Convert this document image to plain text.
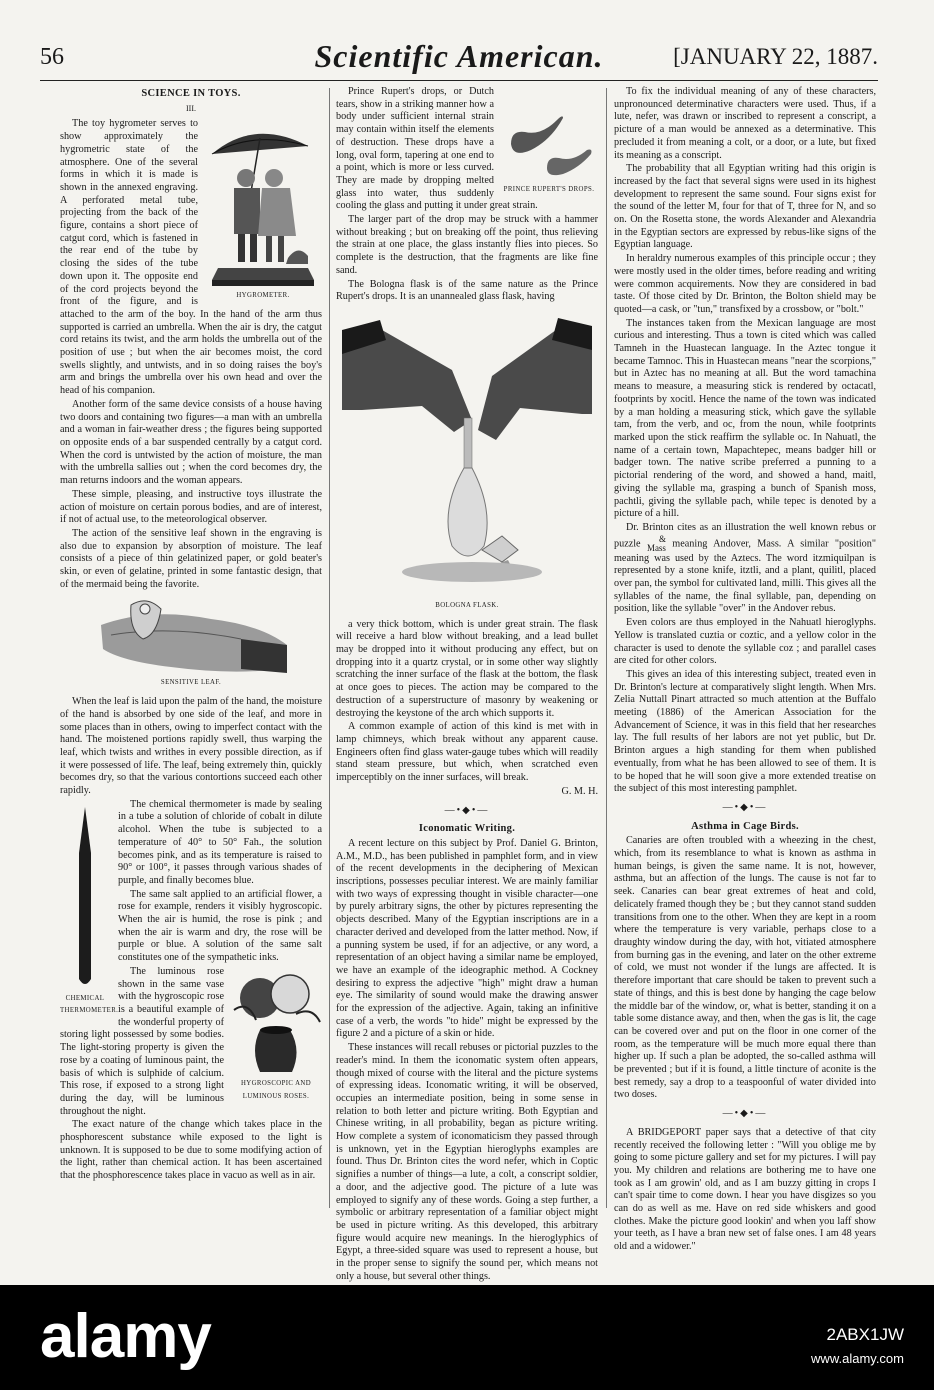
56	Scientific American.	[JANUARY 22, 1887.
SCIENCE IN TOYS.
III.
HYGROMETER.

The toy hygrometer serves to show approximately the hygrometric state of the atmosphere. One of the several forms in which it is made is shown in the annexed engraving. A perforated metal tube, projecting from the back of the figure, contains a short piece of catgut cord, which is fastened in the rear end of the tube by closing the sides of the tube down upon it. The opposite end of the cord projects beyond the front of the figure, and is attached to the arm of the boy. In the hand of the arm thus supported is carried an umbrella. When the air is dry, the catgut cord retains its twist, and the arm holds the umbrella out of the position of use ; but when the air becomes moist, the cord swells slightly, and untwists, and in so doing raises the boy's arm and brings the umbrella over his own head and over the head of his companion.

Another form of the same device consists of a house having two doors and containing two figures—a man with an umbrella and a woman in fair-weather dress ; the figures being supported on opposite ends of a bar suspended centrally by a catgut cord. When the cord is untwisted by the action of moisture, the man with the umbrella sallies out ; when the cord becomes dry, the man returns indoors and the woman appears.

These simple, pleasing, and instructive toys illustrate the action of moisture on certain porous bodies, and are of interest, if not of actual use, to the meteorological observer.

The action of the sensitive leaf shown in the engraving is also due to expansion by absorption of moisture. The leaf consists of a piece of thin gelatinized paper, or gold beater's skin, or even of gelatine, printed in some fantastic design, that of the mermaid being the favorite.

SENSITIVE LEAF.

When the leaf is laid upon the palm of the hand, the moisture of the hand is absorbed by one side of the leaf, and more in some places than in others, owing to imperfect contact with the hand. The moistened portions rapidly swell, thus warping the leaf, which twists and writhes in every possible direction, as if it were possessed of life. The leaf, being extremely thin, quickly becomes dry, so that the various contortions succeed each other rapidly.

CHEMICAL THERMOMETER.

The chemical thermometer is made by sealing in a tube a solution of chloride of cobalt in dilute alcohol. When the tube is subjected to a temperature of 40° to 50° Fah., the solution becomes pink, and as its temperature is raised to 90° or 100°, it passes through various shades of purple, and finally becomes blue.

The same salt applied to an artificial flower, a rose for example, renders it visibly hygroscopic. When the air is humid, the rose is pink ; and when the air is warm and dry, the rose will be purple or blue. A solution of the same salt constitutes one of the sympathetic inks.

HYGROSCOPIC AND LUMINOUS ROSES.

The luminous rose shown in the same vase with the hygroscopic rose is a beautiful example of the wonderful property of storing light possessed by some bodies. The light-storing property is given the rose by a coating of luminous paint, the basis of which is sulphide of calcium. This rose, if exposed to a strong light during the day, will be luminous throughout the night.

The exact nature of the change which takes place in the phosphorescent substance while exposed to the light is unknown. It is supposed to be due to some modifying action of the light, rather than chemical action. It has been ascertained that the phosphorescence takes place in vacuo as well as in air.

PRINCE RUPERT'S DROPS.

Prince Rupert's drops, or Dutch tears, show in a striking manner how a body under sufficient internal strain may contain within itself the elements of destruction. These drops have a long, oval form, tapering at one end to a point, which is more or less curved. They are made by dropping melted glass into water, thus suddenly cooling the glass and putting it under great strain.

The larger part of the drop may be struck with a hammer without breaking ; but on breaking off the point, thus relieving the strain at one place, the glass instantly flies into pieces. So complete is the destruction, that the fragments are like fine sand.

The Bologna flask is of the same nature as the Prince Rupert's drops. It is an unannealed glass flask, having

BOLOGNA FLASK.

a very thick bottom, which is under great strain. The flask will receive a hard blow without breaking, and a lead bullet may be dropped into it without producing any effect, but on dropping into it a quartz crystal, or in some other way slightly scratching the inner surface of the flask at the bottom, the flask at once goes to pieces. The action may be compared to the destruction of a superstructure of masonry by weakening or destroying the keystone of the arch which supports it.

A common example of action of this kind is met with in lamp chimneys, which break without any apparent cause. Engineers often find glass water-gauge tubes which will readily stand steam pressure, but which, when scratched even imperceptibly on the inner surfaces, will break.

G. M. H.
—•◆•—
Iconomatic Writing.

A recent lecture on this subject by Prof. Daniel G. Brinton, A.M., M.D., has been published in pamphlet form, and in view of the recent developments in the deciphering of Mexican inscriptions, possesses peculiar interest. We are mainly familiar with two ways of expressing thought in visible character—one by purely arbitrary signs, the other by pictures representing the objects described. Many of the Egyptian inscriptions are in a character derived and developed from the latter method. Now, if a punning system be used, if for an adjective, or any word, a representation of an object having a similar name be employed, we have an example of the ideographic method. A Cockney desiring to express the adjective "high" might draw a human eye. The similarity of sound would make the drawing answer for the expression of the adjective. Again, taking an infinitive case of a verb, the words "to hide" might be expressed by the figure 2 and a picture of a skin or hide.

These instances will recall rebuses or pictorial puzzles to the reader's mind. In them the iconomatic system often appears, though mixed of course with the literal and the picture systems of expressing ideas. Iconomatic writing, it will be observed, occupies an intermediate position, being in some sense in relation to both letter and picture writing. Both Egyptian and Chinese writing, in all probability, began as picture writing. How complete a system of iconomaticism they passed through is unknown, yet in the Egyptian hieroglyphs examples are found. Thus Dr. Brinton cites the word nefer, which in Coptic signifies a number of things—a lute, a colt, a conscript soldier, a door, and the adjective good. The picture of a lute was employed to signify any of these words. Going a step further, a symbolic or arbitrary representation of a familiar object might be used in picture writing. As this developed, this arbitrary figure would acquire new meanings. In the hieroglyphics of Egypt, a three-sided square was used to represent a house, but in the proper sense to signify the sound per, which means not only a house, but several other things.

To fix the individual meaning of any of these characters, unpronounced determinative characters were used. Thus, if a lute, nefer, was drawn or inscribed to represent a conscript, a picture of a man would be annexed as a determinative. This precluded it from meaning a colt, or a door, or a lute, but fixed its meaning as a conscript.

The probability that all Egyptian writing had this origin is increased by the fact that several signs were used in its highest development to represent the same sound. Four signs exist for the sound of the letter M, four for that of T, three for N, and so on. On the Rosetta stone, the words Alexander and Alexandria in the Egyptian sectors are expressed by rebus-like signs of the Egyptian language.

In heraldry numerous examples of this principle occur ; they were mostly used in the older times, before reading and writing were common acquirements. Now they are considered in bad taste. Of those cited by Dr. Brinton, the Bolton shield may be quoted—a cask, or "tun," transfixed by a crossbow, or "bolt."

The instances taken from the Mexican language are most curious and interesting. Thus a town is cited which was called Tamneh in the Huastecan language. In the Aztec tongue it became Tamnoc. This in Huastecan means "near the scorpions," but in Aztec has no meaning at all. But the word tamachina means to measure, a measuring stick is rendered by octacatl, footprints by xocitl. Hence the name of the town was indicated by a man holding a measuring stick, which gave the syllable tam, from the verb, and oc, from the noun, while footprints marked upon the stick reaffirm the syllable oc. In Nahuatl, the name of a certain town, Mapachtepec, means badger hill or badger town. The native scribe preferred a punning to a pictorial rendering of the word, and showed a hand, maitl, giving the syllable ma, grasping a bunch of Spanish moss, pachtli, giving the syllable pach, while tepec is denoted by a picture of a hill.

Dr. Brinton cites as an illustration the well known rebus or puzzle &
Mass meaning Andover, Mass. A similar "position" meaning was used by the Aztecs. The word itzmiquilpan is represented by a stone knife, itztli, and a plant, quilitl, placed over pan, the symbol for cultivated land, milli. This gives all the syllables of the name, the final syllable, pan, depending on position, like the syllable "over" in the Andover rebus.

Even colors are thus employed in the Nahuatl hieroglyphs. Yellow is translated cuztia or coztic, and a yellow color in the character is used to denote the syllable coz ; and parallel cases are cited for other colors.

This gives an idea of this interesting subject, treated even in Dr. Brinton's lecture at comparatively slight length. When Mrs. Zelia Nuttall Pinart attracted so much attention at the Buffalo meeting (1886) of the American Association for the Advancement of Science, it was in this field that her researches lay. The full results of her labors are not yet public, but Dr. Brinton argues a high standing for them when published eventually, from what he has been allowed to see of them. It is to be hoped that he will soon give a more extended treatise on the subject of this most interesting pamphlet.

—•◆•—
Asthma in Cage Birds.

Canaries are often troubled with a wheezing in the chest, which, from its resemblance to what is known as asthma in human beings, is given the same name. It is not, however, asthma, but an affection of the lungs. The cause is not far to seek. Canaries can bear great extremes of heat and cold, delicately framed though they be ; but they cannot stand sudden transitions from one to the other. When they are kept in a room where the temperature is very variable, perhaps close to a draughty window during the day, with hot, vitiated atmosphere from burning gas in the evening, and later on the other extreme of cold, we must not wonder if the lungs are affected. It is therefore important that care should be taken to prevent such a state of things, and this is best done by hanging the cage below the middle bar of the window, or, what is better, standing it on a table some distance away, and then, when the gas is lit, the cage can be covered over and put on the floor in one corner of the room, as the temperature will be much more equal there than higher up. If such a plan be adopted, the so-called asthma will be prevented ; but if it is found, a little tincture of aconite is the best remedy, say a drop to a teaspoonful of water divided into two doses.

—•◆•—

A BRIDGEPORT paper says that a detective of that city recently received the following letter : "Will you oblige me by going to some picture gallery and set for my pictures. I will pay you. My children and relations are bothering me to have one took as I am growin' old, and as I am buzzy gitting in crops I can't spair time to come down. I hear you have disgizes so you can do as well as me. Have on red side whiskers and good clothes. Make the picture good lookin' and when you laff show your teeth, as I have a bran new set of false ones. I am 48 years old and a widower."

alamy	2ABX1JW
www.alamy.com
